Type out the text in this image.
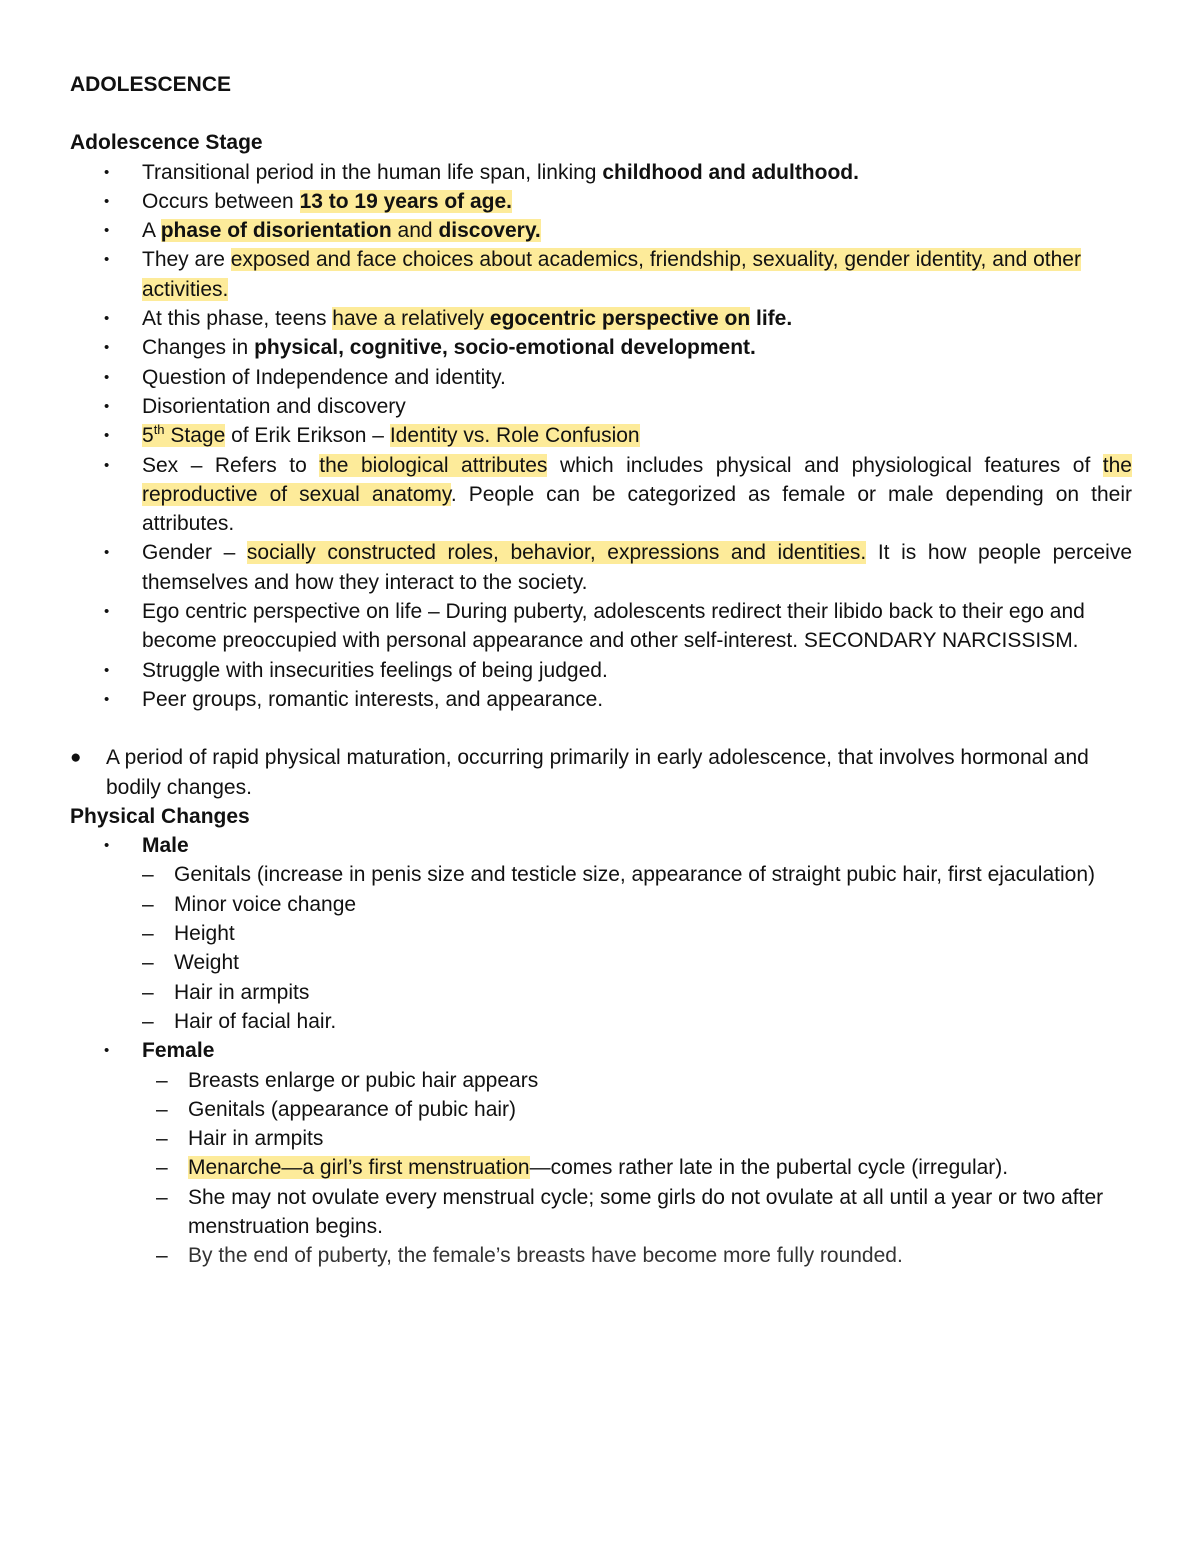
ADOLESCENCE

Adolescence Stage

• Transitional period in the human life span, linking childhood and adulthood.
• Occurs between 13 to 19 years of age.
• A phase of disorientation and discovery.
• They are exposed and face choices about academics, friendship, sexuality, gender identity, and other activities.
• At this phase, teens have a relatively egocentric perspective on life.
• Changes in physical, cognitive, socio-emotional development.
• Question of Independence and identity.
• Disorientation and discovery
• 5th Stage of Erik Erikson – Identity vs. Role Confusion
• Sex – Refers to the biological attributes which includes physical and physiological features of the reproductive of sexual anatomy. People can be categorized as female or male depending on their attributes.
• Gender – socially constructed roles, behavior, expressions and identities. It is how people perceive themselves and how they interact to the society.
• Ego centric perspective on life – During puberty, adolescents redirect their libido back to their ego and become preoccupied with personal appearance and other self-interest. SECONDARY NARCISSISM.
• Struggle with insecurities feelings of being judged.
• Peer groups, romantic interests, and appearance.
● A period of rapid physical maturation, occurring primarily in early adolescence, that involves hormonal and bodily changes.

Physical Changes

• Male
– Genitals (increase in penis size and testicle size, appearance of straight pubic hair, first ejaculation)
– Minor voice change
– Height
– Weight
– Hair in armpits
– Hair of facial hair.
• Female
– Breasts enlarge or pubic hair appears
– Genitals (appearance of pubic hair)
– Hair in armpits
– Menarche—a girl’s first menstruation—comes rather late in the pubertal cycle (irregular).
– She may not ovulate every menstrual cycle; some girls do not ovulate at all until a year or two after menstruation begins.
– By the end of puberty, the female’s breasts have become more fully rounded.
